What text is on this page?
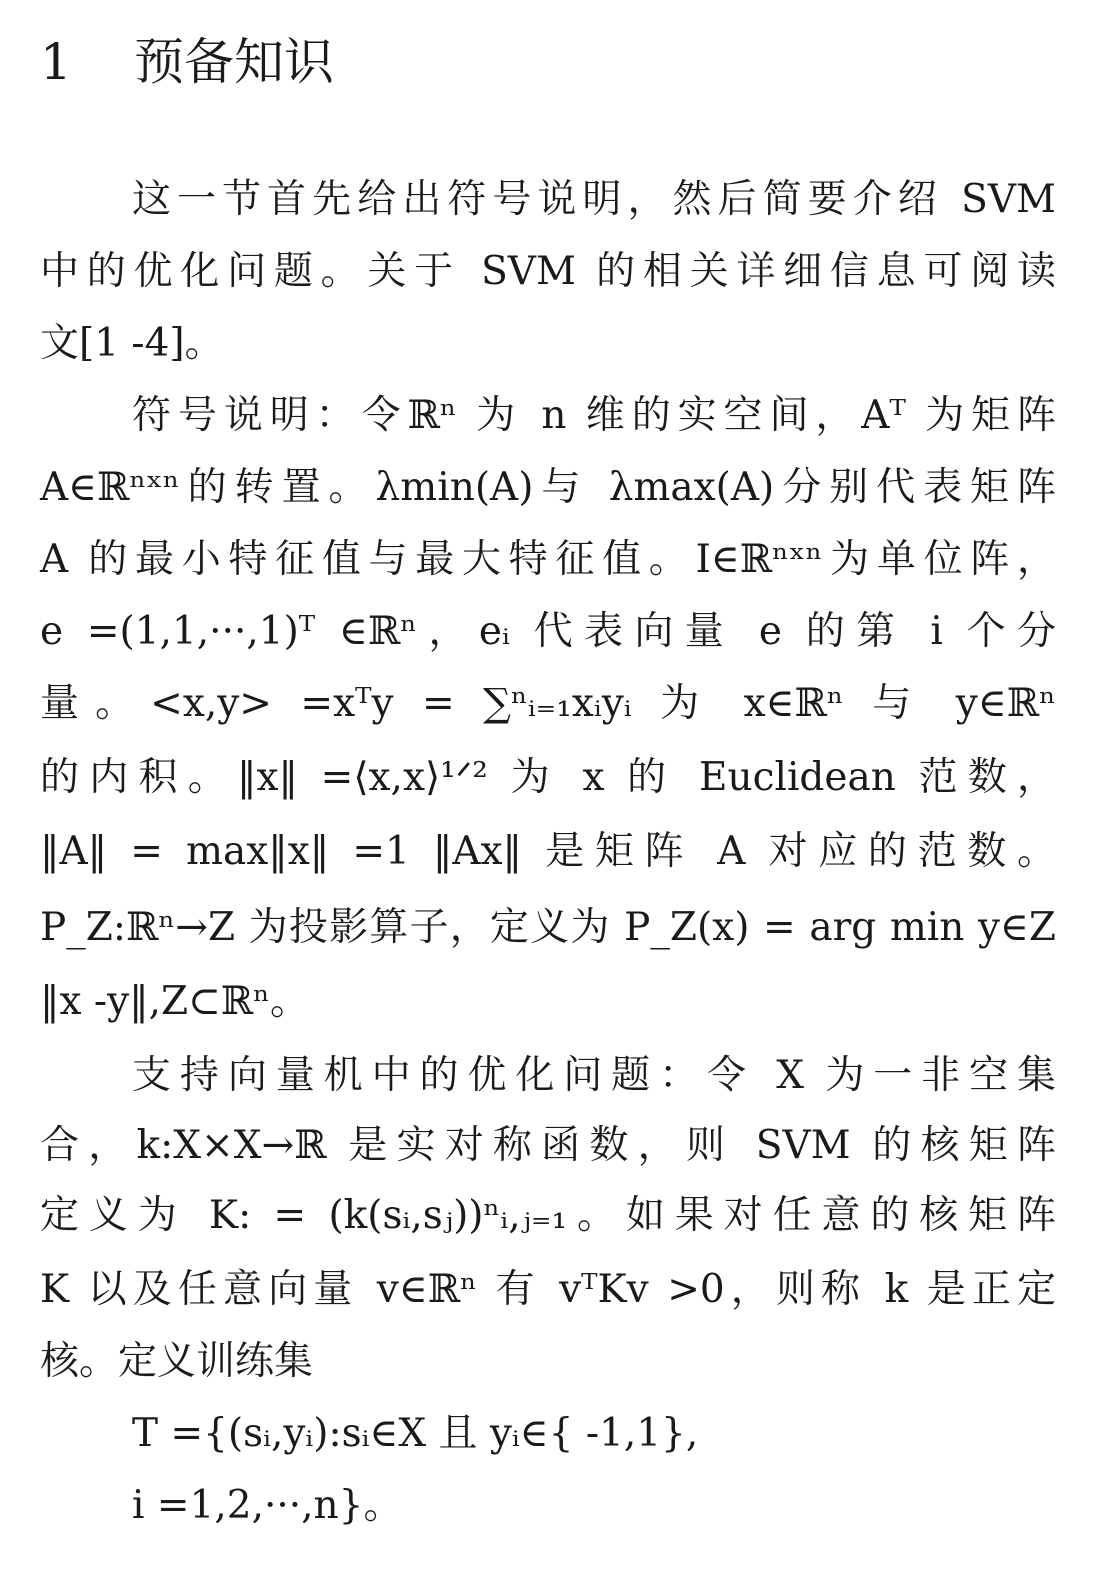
1 预备知识
这一节首先给出符号说明，然后简要介绍 SVM
中的优化问题。关于 SVM 的相关详细信息可阅读
文[1 -4]。
符号说明：令ℝⁿ 为 n 维的实空间，Aᵀ 为矩阵
A∈ℝⁿˣⁿ的转置。λmin(A)与 λmax(A)分别代表矩阵
A 的最小特征值与最大特征值。I∈ℝⁿˣⁿ为单位阵，
e =(1,1,···,1)ᵀ ∈ℝⁿ，eᵢ 代表向量 e 的第 i 个分
量。<x,y> =xᵀy = ∑ⁿᵢ₌₁xᵢyᵢ 为 x∈ℝⁿ 与 y∈ℝⁿ
的内积。‖x‖ =⟨x,x⟩¹ᐟ² 为 x 的 Euclidean 范数，
‖A‖ = max‖x‖ =1 ‖Ax‖ 是矩阵 A 对应的范数。
P_Z:ℝⁿ→Z 为投影算子，定义为 P_Z(x) = arg min y∈Z
‖x -y‖,Z⊂ℝⁿ。
支持向量机中的优化问题：令 X 为一非空集
合，k:X×X→ℝ 是实对称函数，则 SVM 的核矩阵
定义为 K: = (k(sᵢ,sⱼ))ⁿᵢ,ⱼ₌₁。如果对任意的核矩阵
K 以及任意向量 v∈ℝⁿ 有 vᵀKv >0，则称 k 是正定
核。定义训练集
T ={(sᵢ,yᵢ):sᵢ∈X 且 yᵢ∈{ -1,1},
i =1,2,···,n}。
